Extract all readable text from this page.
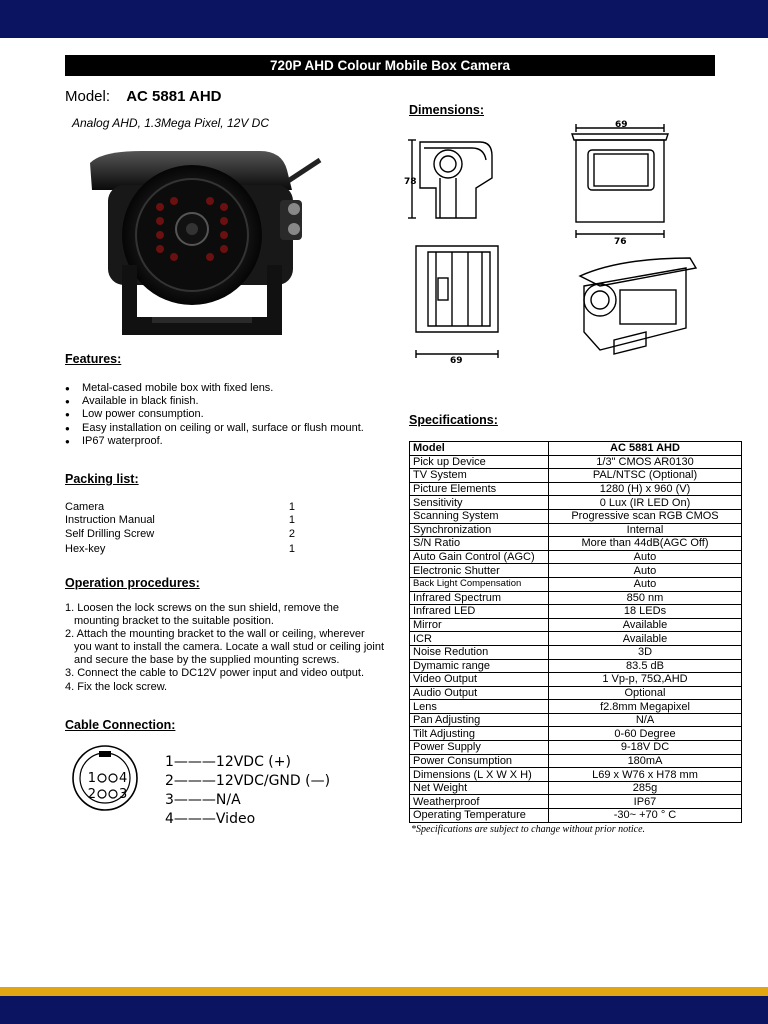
720P AHD Colour Mobile Box Camera
Model: AC 5881 AHD
Analog AHD, 1.3Mega Pixel, 12V DC
Features:
● Metal-cased mobile box with fixed lens.
● Available in black finish.
● Low power consumption.
● Easy installation on ceiling or wall, surface or flush mount.
● IP67 waterproof.
Packing list:
Camera	1
Instruction Manual	1
Self Drilling Screw	2
Hex-key	1
Operation procedures:

1. Loosen the lock screws on the sun shield, remove the mounting bracket to the suitable position.

2. Attach the mounting bracket to the wall or ceiling, wherever you want to install the camera. Locate a wall stud or ceiling joint and secure the base by the supplied mounting screws.

3. Connect the cable to DC12V power input and video output.

4. Fix the lock screw.

Cable Connection:
1 4
2 3
1———12VDC (+)
2———12VDC/GND (—)
3———N/A
4———Video
Dimensions:
78
69
76
69
Specifications:
Model	AC 5881 AHD
Pick up Device	1/3" CMOS AR0130
TV System	PAL/NTSC (Optional)
Picture Elements	1280 (H) x 960 (V)
Sensitivity	0 Lux (IR LED On)
Scanning System	Progressive scan RGB CMOS
Synchronization	Internal
S/N Ratio	More than 44dB(AGC Off)
Auto Gain Control (AGC)	Auto
Electronic Shutter	Auto
Back Light Compensation	Auto
Infrared Spectrum	850 nm
Infrared LED	18 LEDs
Mirror	Available
ICR	Available
Noise Redution	3D
Dymamic range	83.5 dB
Video Output	1 Vp-p, 75Ω,AHD
Audio Output	Optional
Lens	f2.8mm Megapixel
Pan Adjusting	N/A
Tilt Adjusting	0-60 Degree
Power Supply	9-18V DC
Power Consumption	180mA
Dimensions (L X W X H)	L69 x W76 x H78 mm
Net Weight	285g
Weatherproof	IP67
Operating Temperature	-30~ +70 ° C
*Specifications are subject to change without prior notice.
